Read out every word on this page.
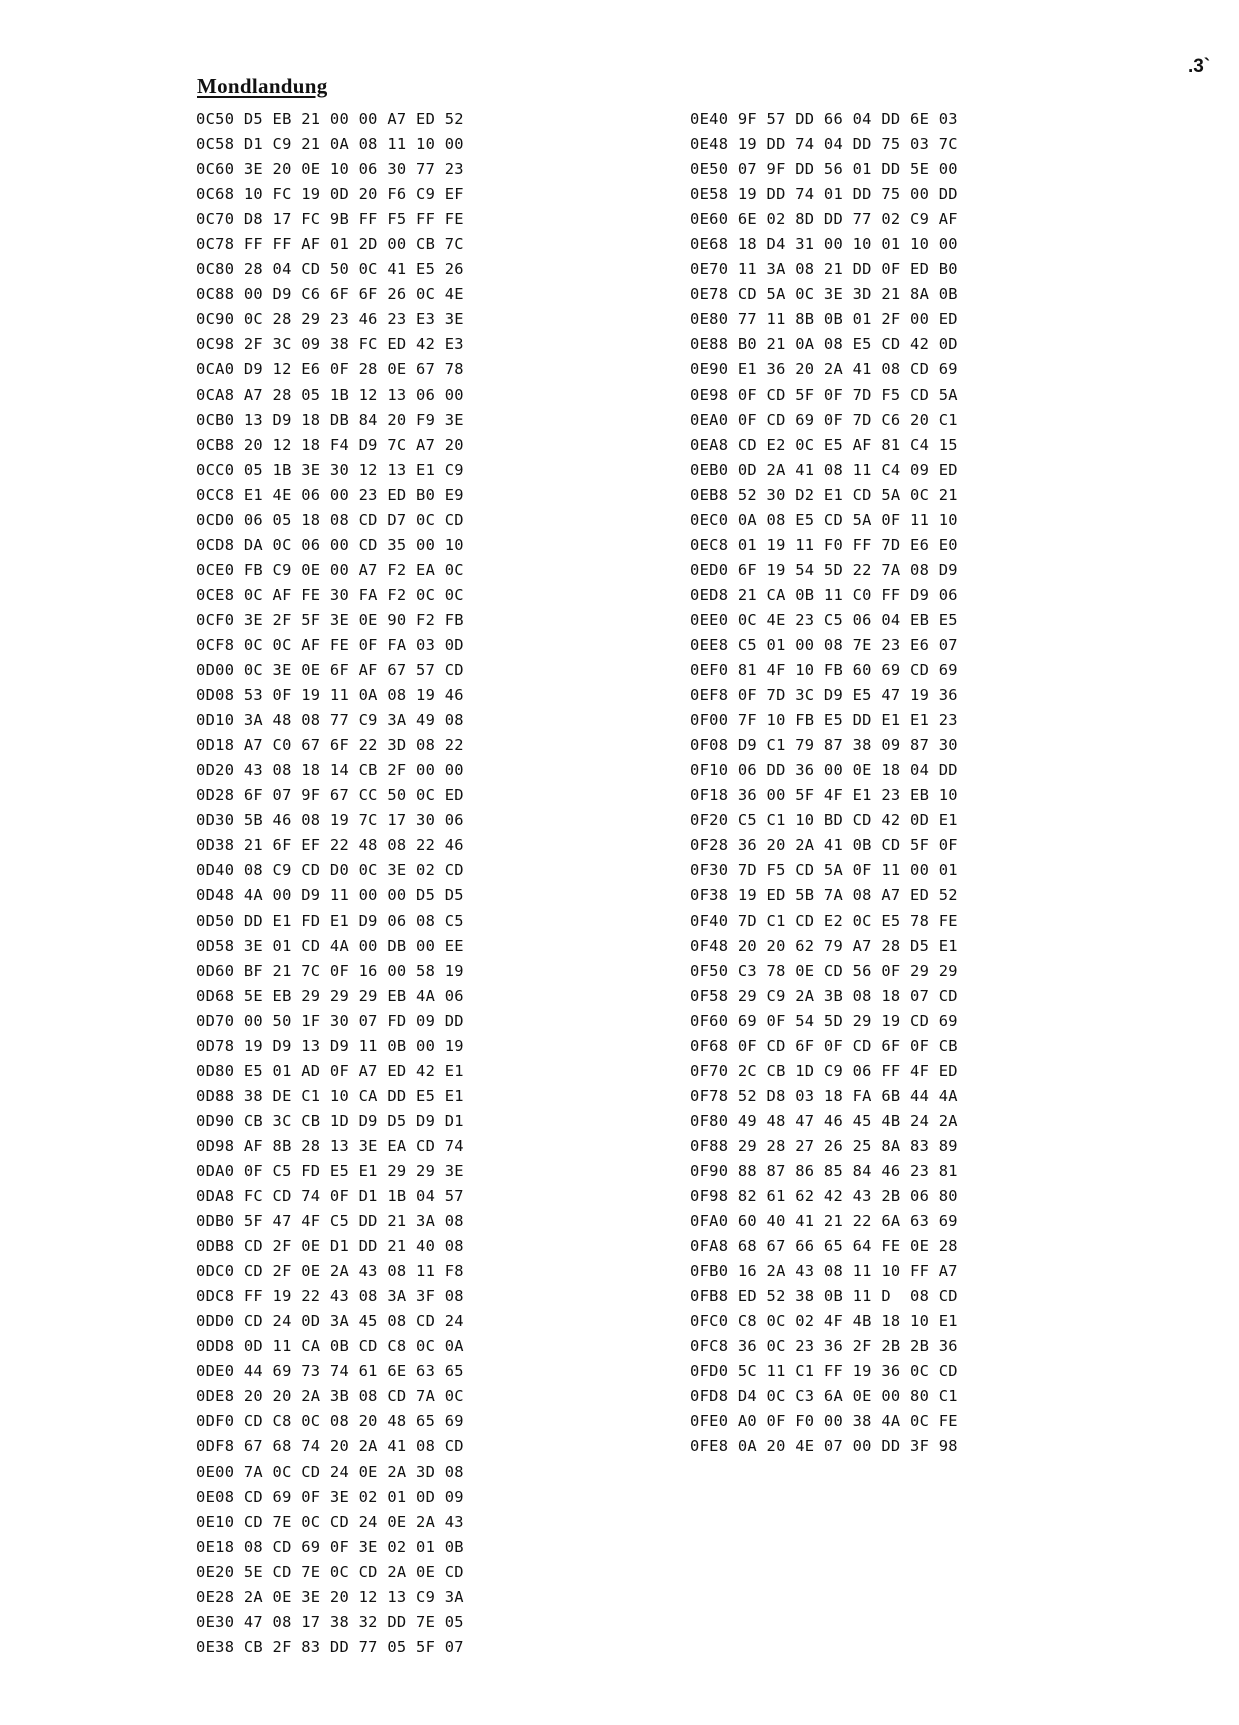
.3`
Mondlandung
0C50 D5 EB 21 00 00 A7 ED 52
0C58 D1 C9 21 0A 08 11 10 00
0C60 3E 20 0E 10 06 30 77 23
0C68 10 FC 19 0D 20 F6 C9 EF
0C70 D8 17 FC 9B FF F5 FF FE
0C78 FF FF AF 01 2D 00 CB 7C
0C80 28 04 CD 50 0C 41 E5 26
0C88 00 D9 C6 6F 6F 26 0C 4E
0C90 0C 28 29 23 46 23 E3 3E
0C98 2F 3C 09 38 FC ED 42 E3
0CA0 D9 12 E6 0F 28 0E 67 78
0CA8 A7 28 05 1B 12 13 06 00
0CB0 13 D9 18 DB 84 20 F9 3E
0CB8 20 12 18 F4 D9 7C A7 20
0CC0 05 1B 3E 30 12 13 E1 C9
0CC8 E1 4E 06 00 23 ED B0 E9
0CD0 06 05 18 08 CD D7 0C CD
0CD8 DA 0C 06 00 CD 35 00 10
0CE0 FB C9 0E 00 A7 F2 EA 0C
0CE8 0C AF FE 30 FA F2 0C 0C
0CF0 3E 2F 5F 3E 0E 90 F2 FB
0CF8 0C 0C AF FE 0F FA 03 0D
0D00 0C 3E 0E 6F AF 67 57 CD
0D08 53 0F 19 11 0A 08 19 46
0D10 3A 48 08 77 C9 3A 49 08
0D18 A7 C0 67 6F 22 3D 08 22
0D20 43 08 18 14 CB 2F 00 00
0D28 6F 07 9F 67 CC 50 0C ED
0D30 5B 46 08 19 7C 17 30 06
0D38 21 6F EF 22 48 08 22 46
0D40 08 C9 CD D0 0C 3E 02 CD
0D48 4A 00 D9 11 00 00 D5 D5
0D50 DD E1 FD E1 D9 06 08 C5
0D58 3E 01 CD 4A 00 DB 00 EE
0D60 BF 21 7C 0F 16 00 58 19
0D68 5E EB 29 29 29 EB 4A 06
0D70 00 50 1F 30 07 FD 09 DD
0D78 19 D9 13 D9 11 0B 00 19
0D80 E5 01 AD 0F A7 ED 42 E1
0D88 38 DE C1 10 CA DD E5 E1
0D90 CB 3C CB 1D D9 D5 D9 D1
0D98 AF 8B 28 13 3E EA CD 74
0DA0 0F C5 FD E5 E1 29 29 3E
0DA8 FC CD 74 0F D1 1B 04 57
0DB0 5F 47 4F C5 DD 21 3A 08
0DB8 CD 2F 0E D1 DD 21 40 08
0DC0 CD 2F 0E 2A 43 08 11 F8
0DC8 FF 19 22 43 08 3A 3F 08
0DD0 CD 24 0D 3A 45 08 CD 24
0DD8 0D 11 CA 0B CD C8 0C 0A
0DE0 44 69 73 74 61 6E 63 65
0DE8 20 20 2A 3B 08 CD 7A 0C
0DF0 CD C8 0C 08 20 48 65 69
0DF8 67 68 74 20 2A 41 08 CD
0E00 7A 0C CD 24 0E 2A 3D 08
0E08 CD 69 0F 3E 02 01 0D 09
0E10 CD 7E 0C CD 24 0E 2A 43
0E18 08 CD 69 0F 3E 02 01 0B
0E20 5E CD 7E 0C CD 2A 0E CD
0E28 2A 0E 3E 20 12 13 C9 3A
0E30 47 08 17 38 32 DD 7E 05
0E38 CB 2F 83 DD 77 05 5F 07
0E40 9F 57 DD 66 04 DD 6E 03
0E48 19 DD 74 04 DD 75 03 7C
0E50 07 9F DD 56 01 DD 5E 00
0E58 19 DD 74 01 DD 75 00 DD
0E60 6E 02 8D DD 77 02 C9 AF
0E68 18 D4 31 00 10 01 10 00
0E70 11 3A 08 21 DD 0F ED B0
0E78 CD 5A 0C 3E 3D 21 8A 0B
0E80 77 11 8B 0B 01 2F 00 ED
0E88 B0 21 0A 08 E5 CD 42 0D
0E90 E1 36 20 2A 41 08 CD 69
0E98 0F CD 5F 0F 7D F5 CD 5A
0EA0 0F CD 69 0F 7D C6 20 C1
0EA8 CD E2 0C E5 AF 81 C4 15
0EB0 0D 2A 41 08 11 C4 09 ED
0EB8 52 30 D2 E1 CD 5A 0C 21
0EC0 0A 08 E5 CD 5A 0F 11 10
0EC8 01 19 11 F0 FF 7D E6 E0
0ED0 6F 19 54 5D 22 7A 08 D9
0ED8 21 CA 0B 11 C0 FF D9 06
0EE0 0C 4E 23 C5 06 04 EB E5
0EE8 C5 01 00 08 7E 23 E6 07
0EF0 81 4F 10 FB 60 69 CD 69
0EF8 0F 7D 3C D9 E5 47 19 36
0F00 7F 10 FB E5 DD E1 E1 23
0F08 D9 C1 79 87 38 09 87 30
0F10 06 DD 36 00 0E 18 04 DD
0F18 36 00 5F 4F E1 23 EB 10
0F20 C5 C1 10 BD CD 42 0D E1
0F28 36 20 2A 41 0B CD 5F 0F
0F30 7D F5 CD 5A 0F 11 00 01
0F38 19 ED 5B 7A 08 A7 ED 52
0F40 7D C1 CD E2 0C E5 78 FE
0F48 20 20 62 79 A7 28 D5 E1
0F50 C3 78 0E CD 56 0F 29 29
0F58 29 C9 2A 3B 08 18 07 CD
0F60 69 0F 54 5D 29 19 CD 69
0F68 0F CD 6F 0F CD 6F 0F CB
0F70 2C CB 1D C9 06 FF 4F ED
0F78 52 D8 03 18 FA 6B 44 4A
0F80 49 48 47 46 45 4B 24 2A
0F88 29 28 27 26 25 8A 83 89
0F90 88 87 86 85 84 46 23 81
0F98 82 61 62 42 43 2B 06 80
0FA0 60 40 41 21 22 6A 63 69
0FA8 68 67 66 65 64 FE 0E 28
0FB0 16 2A 43 08 11 10 FF A7
0FB8 ED 52 38 0B 11 D  08 CD
0FC0 C8 0C 02 4F 4B 18 10 E1
0FC8 36 0C 23 36 2F 2B 2B 36
0FD0 5C 11 C1 FF 19 36 0C CD
0FD8 D4 0C C3 6A 0E 00 80 C1
0FE0 A0 0F F0 00 38 4A 0C FE
0FE8 0A 20 4E 07 00 DD 3F 98
